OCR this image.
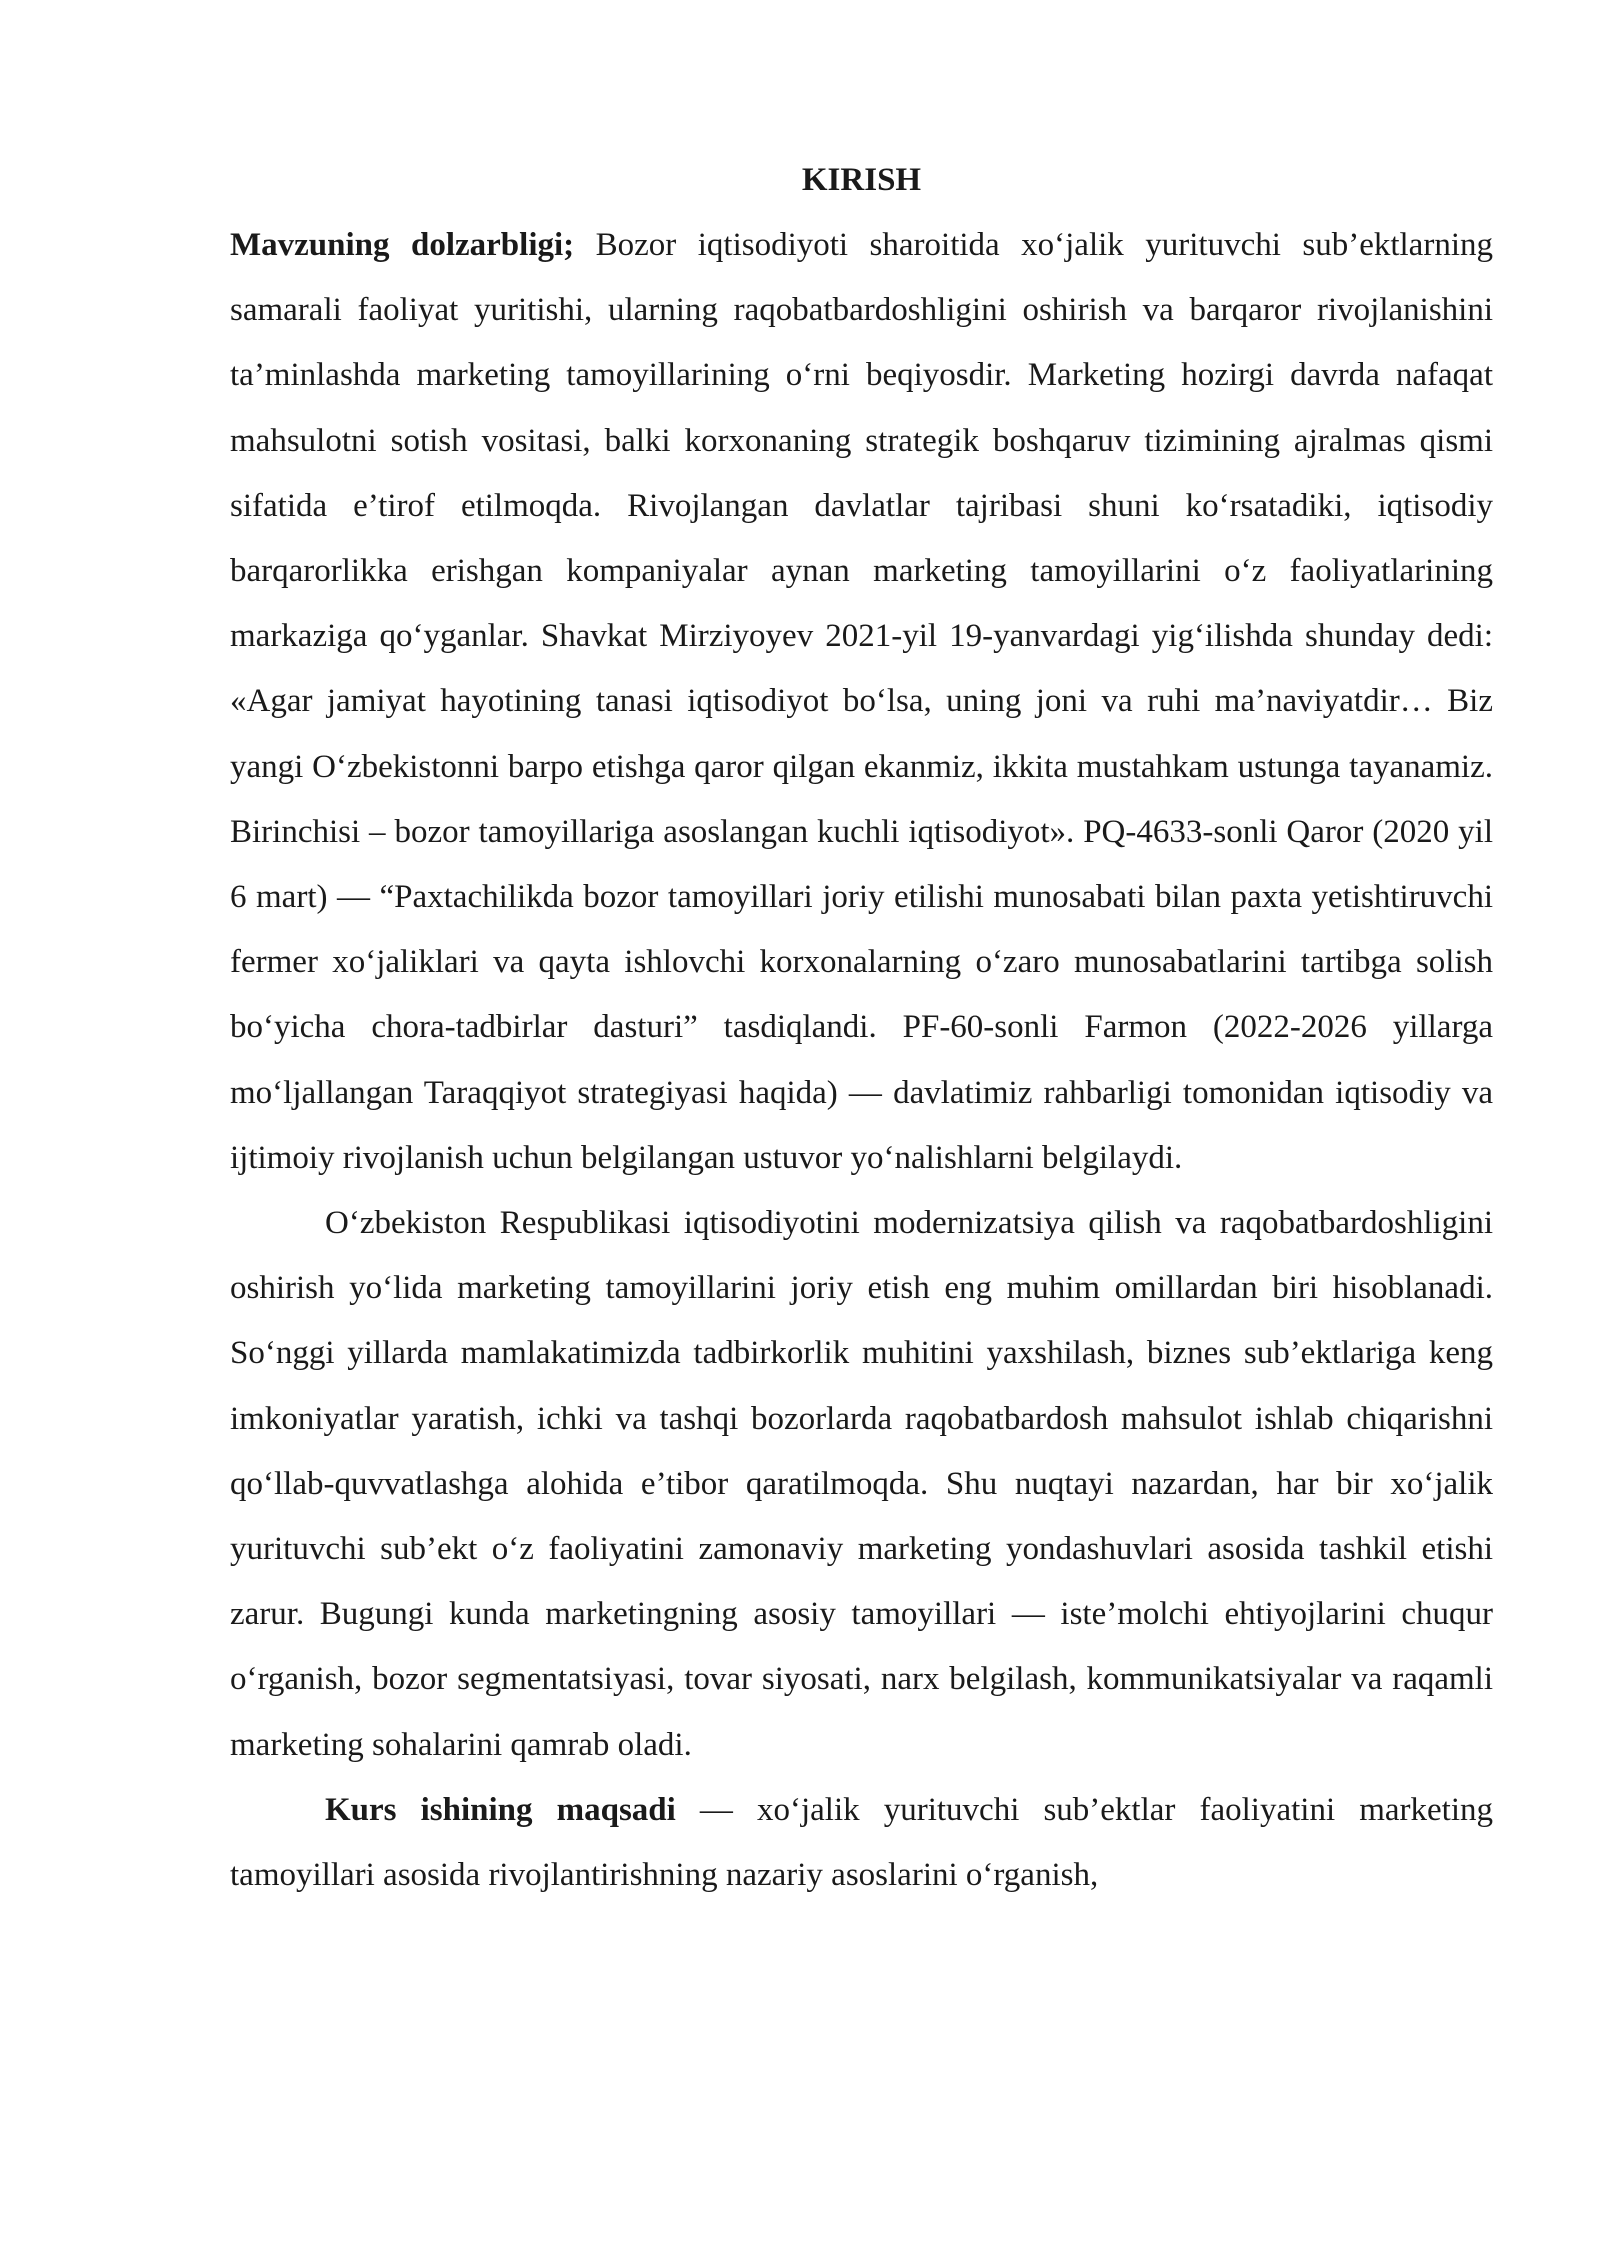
KIRISH

Mavzuning dolzarbligi; Bozor iqtisodiyoti sharoitida xo‘jalik yurituvchi sub’ektlarning samarali faoliyat yuritishi, ularning raqobatbardoshligini oshirish va barqaror rivojlanishini ta’minlashda marketing tamoyillarining o‘rni beqiyosdir. Marketing hozirgi davrda nafaqat mahsulotni sotish vositasi, balki korxonaning strategik boshqaruv tizimining ajralmas qismi sifatida e’tirof etilmoqda. Rivojlangan davlatlar tajribasi shuni ko‘rsatadiki, iqtisodiy barqarorlikka erishgan kompaniyalar aynan marketing tamoyillarini o‘z faoliyatlarining markaziga qo‘yganlar. Shavkat Mirziyoyev 2021-yil 19-yanvardagi yig‘ilishda shunday dedi: «Agar jamiyat hayotining tanasi iqtisodiyot bo‘lsa, uning joni va ruhi ma’naviyatdir… Biz yangi O‘zbekistonni barpo etishga qaror qilgan ekanmiz, ikkita mustahkam ustunga tayanamiz. Birinchisi – bozor tamoyillariga asoslangan kuchli iqtisodiyot». PQ-4633-sonli Qaror (2020 yil 6 mart) — “Paxtachilikda bozor tamoyillari joriy etilishi munosabati bilan paxta yetishtiruvchi fermer xo‘jaliklari va qayta ishlovchi korxonalarning o‘zaro munosabatlarini tartibga solish bo‘yicha chora-tadbirlar dasturi” tasdiqlandi. PF-60-sonli Farmon (2022-2026 yillarga mo‘ljallangan Taraqqiyot strategiyasi haqida) — davlatimiz rahbarligi tomonidan iqtisodiy va ijtimoiy rivojlanish uchun belgilangan ustuvor yo‘nalishlarni belgilaydi.

O‘zbekiston Respublikasi iqtisodiyotini modernizatsiya qilish va raqobatbardoshligini oshirish yo‘lida marketing tamoyillarini joriy etish eng muhim omillardan biri hisoblanadi. So‘nggi yillarda mamlakatimizda tadbirkorlik muhitini yaxshilash, biznes sub’ektlariga keng imkoniyatlar yaratish, ichki va tashqi bozorlarda raqobatbardosh mahsulot ishlab chiqarishni qo‘llab-quvvatlashga alohida e’tibor qaratilmoqda. Shu nuqtayi nazardan, har bir xo‘jalik yurituvchi sub’ekt o‘z faoliyatini zamonaviy marketing yondashuvlari asosida tashkil etishi zarur. Bugungi kunda marketingning asosiy tamoyillari — iste’molchi ehtiyojlarini chuqur o‘rganish, bozor segmentatsiyasi, tovar siyosati, narx belgilash, kommunikatsiyalar va raqamli marketing sohalarini qamrab oladi.

Kurs ishining maqsadi — xo‘jalik yurituvchi sub’ektlar faoliyatini marketing tamoyillari asosida rivojlantirishning nazariy asoslarini o‘rganish,
